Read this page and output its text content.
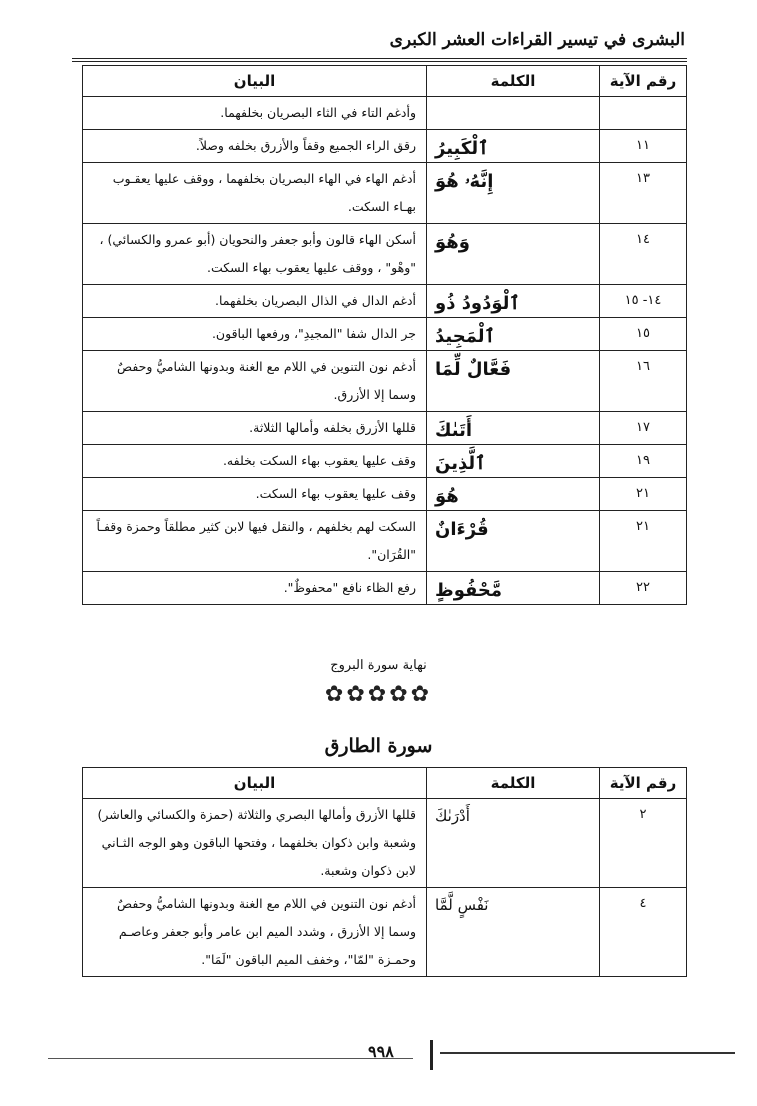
البشرى في تيسير القراءات العشر الكبرى
رقم الآية	الكلمة	البيان
		وأدغم التاء في الثاء البصريان بخلفهما.
١١	ٱلْكَبِيرُ	رقق الراء الجميع وقفاً والأزرق بخلفه وصلاً.
١٣	إِنَّهُۥ هُوَ	أدغم الهاء في الهاء البصريان بخلفهما ، ووقف عليها يعقـوب بهـاء السكت.
١٤	وَهُوَ	أسكن الهاء قالون وأبو جعفر والنحويان (أبو عمرو والكسائي) ، "وهْو" ، ووقف عليها يعقوب بهاء السكت.
١٤- ١٥	ٱلْوَدُودُ ذُو	أدغم الدال في الذال البصريان بخلفهما.
١٥	ٱلْمَجِيدُ	جر الدال شفا "المجيدِ"، ورفعها الباقون.
١٦	فَعَّالٌ لِّمَا	أدغم نون التنوين في اللام مع الغنة وبدونها الشاميُّ وحفصٌ وسما إلا الأزرق.
١٧	أَتَىٰكَ	قللها الأزرق بخلفه وأمالها الثلاثة.
١٩	ٱلَّذِينَ	وقف عليها يعقوب بهاء السكت بخلفه.
٢١	هُوَ	وقف عليها يعقوب بهاء السكت.
٢١	قُرْءَانٌ	السكت لهم بخلفهم ، والنقل فيها لابن كثير مطلقاً وحمزة وقفـاً "القُرَان".
٢٢	مَّحْفُوظٍ	رفع الظاء نافع "محفوظٌ".
نهاية سورة البروج
✿✿✿✿✿
سورة الطارق
رقم الآية	الكلمة	البيان
٢	أَدْرَىٰكَ	قللها الأزرق وأمالها البصري والثلاثة (حمزة والكسائي والعاشر) وشعبة وابن ذكوان بخلفهما ، وفتحها الباقون وهو الوجه الثـاني لابن ذكوان وشعبة.
٤	نَفْسٍ لَّمَّا	أدغم نون التنوين في اللام مع الغنة وبدونها الشاميُّ وحفصٌ وسما إلا الأزرق ، وشدد الميم ابن عامر وأبو جعفر وعاصـم وحمـزة "لمّا"، وخفف الميم الباقون "لَمَا".
٩٩٨
